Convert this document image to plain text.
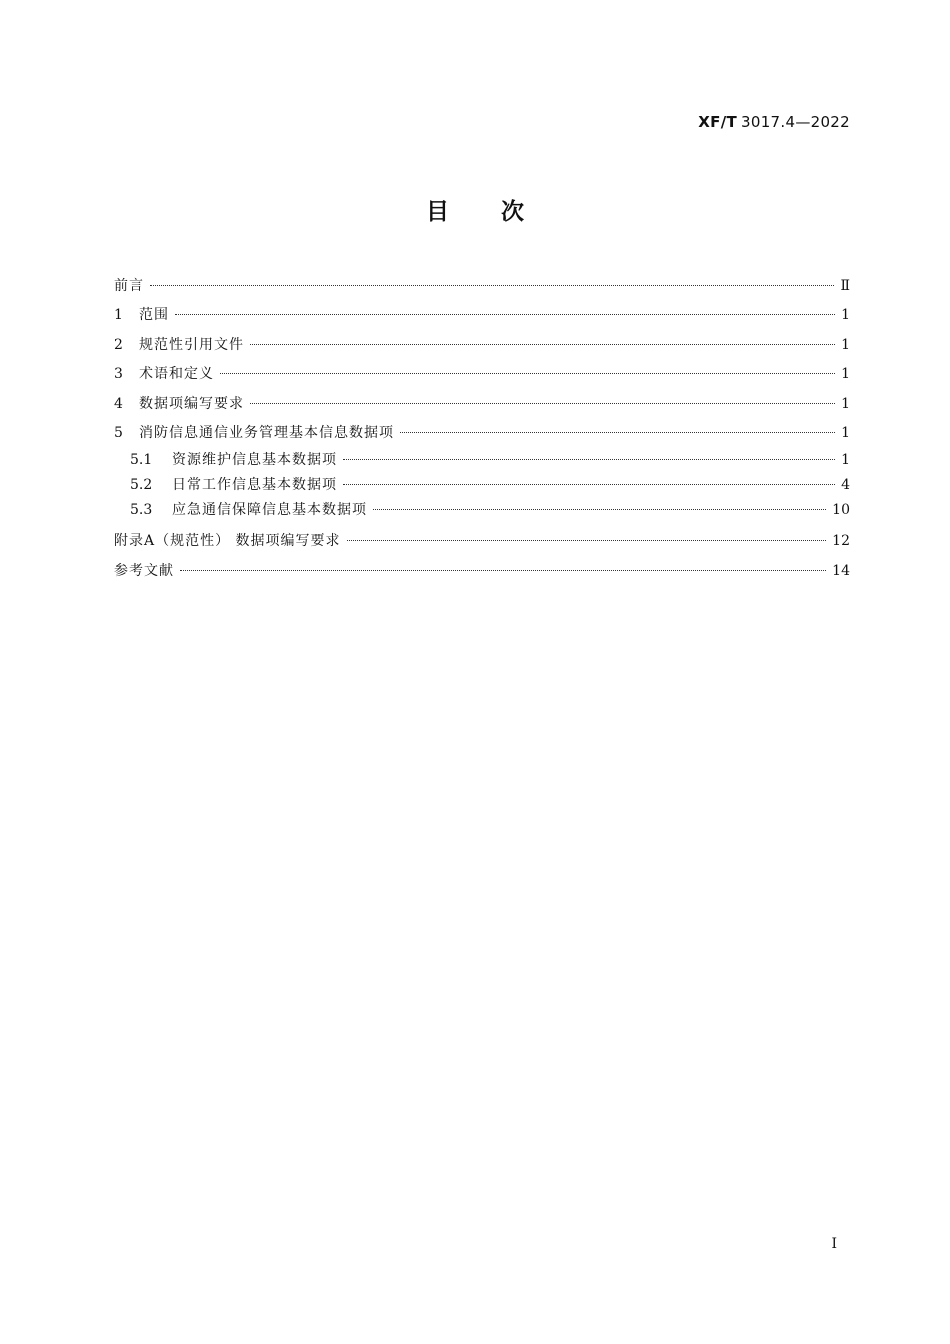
XF/T 3017.4—2022
目次
前言	Ⅱ
1	范围	1
2	规范性引用文件	1
3	术语和定义	1
4	数据项编写要求	1
5	消防信息通信业务管理基本信息数据项	1
5.1	资源维护信息基本数据项	1
5.2	日常工作信息基本数据项	4
5.3	应急通信保障信息基本数据项	10
附录A（规范性） 数据项编写要求	12
参考文献	14
Ⅰ
